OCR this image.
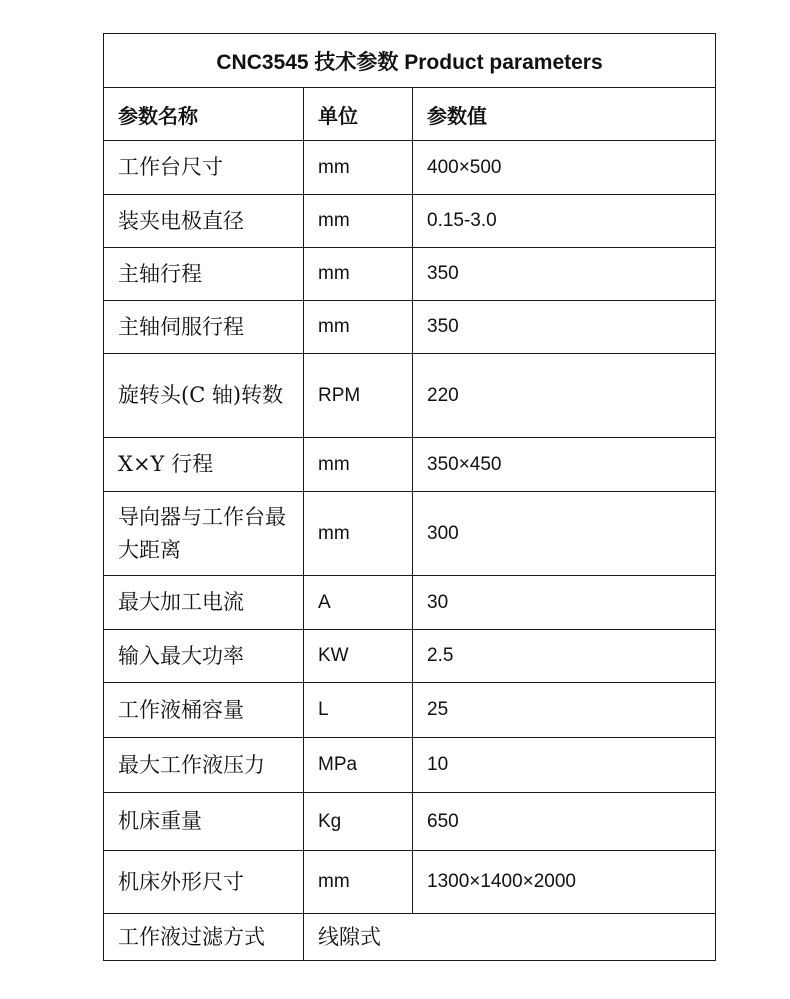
CNC3545 技术参数 Product parameters		
参数名称	单位	参数值
工作台尺寸	mm	400×500
装夹电极直径	mm	0.15-3.0
主轴行程	mm	350
主轴伺服行程	mm	350
旋转头(C 轴)转数	RPM	220
X×Y 行程	mm	350×450
导向器与工作台最大距离	mm	300
最大加工电流	A	30
输入最大功率	KW	2.5
工作液桶容量	L	25
最大工作液压力	MPa	10
机床重量	Kg	650
机床外形尺寸	mm	1300×1400×2000
工作液过滤方式	线隙式	
